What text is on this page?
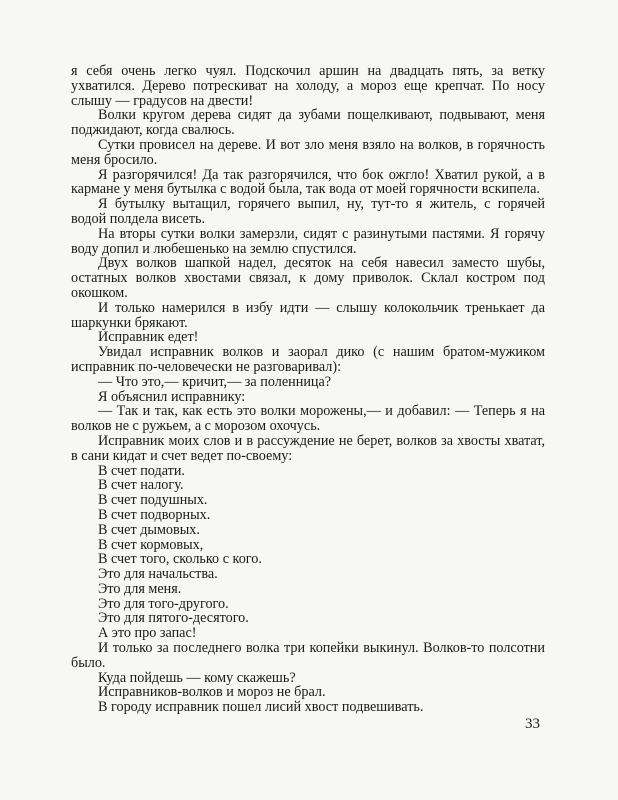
я себя очень легко чуял. Подскочил аршин на двадцать пять, за ветку ухватился. Дерево потрескиват на холоду, а мороз еще крепчат. По носу слышу — градусов на двести!

Волки кругом дерева сидят да зубами пощелкивают, подвывают, меня поджидают, когда свалюсь.

Сутки провисел на дереве. И вот зло меня взяло на волков, в горячность меня бросило.

Я разгорячился! Да так разгорячился, что бок ожгло! Хватил рукой, а в кармане у меня бутылка с водой была, так вода от моей горячности вскипела.

Я бутылку вытащил, горячего выпил, ну, тут-то я житель, с горячей водой полдела висеть.

На вторы сутки волки замерзли, сидят с разинутыми пастями. Я горячу воду допил и любешенько на землю спустился.

Двух волков шапкой надел, десяток на себя навесил заместо шубы, остатных волков хвостами связал, к дому приволок. Склал костром под окошком.

И только намерился в избу идти — слышу колокольчик тренькает да шаркунки брякают.

Исправник едет!

Увидал исправник волков и заорал дико (с нашим братом-мужиком исправник по-человечески не разговаривал):

— Что это,— кричит,— за поленница?

Я объяснил исправнику:

— Так и так, как есть это волки морожены,— и добавил: — Теперь я на волков не с ружьем, а с морозом охочусь.

Исправник моих слов и в рассуждение не берет, волков за хвосты хватат, в сани кидат и счет ведет по-своему:

В счет подати.

В счет налогу.

В счет подушных.

В счет подворных.

В счет дымовых.

В счет кормовых,

В счет того, сколько с кого.

Это для начальства.

Это для меня.

Это для того-другого.

Это для пятого-десятого.

А это про запас!

И только за последнего волка три копейки выкинул. Волков-то полсотни было.

Куда пойдешь — кому скажешь?

Исправников-волков и мороз не брал.

В городу исправник пошел лисий хвост подвешивать.

33
